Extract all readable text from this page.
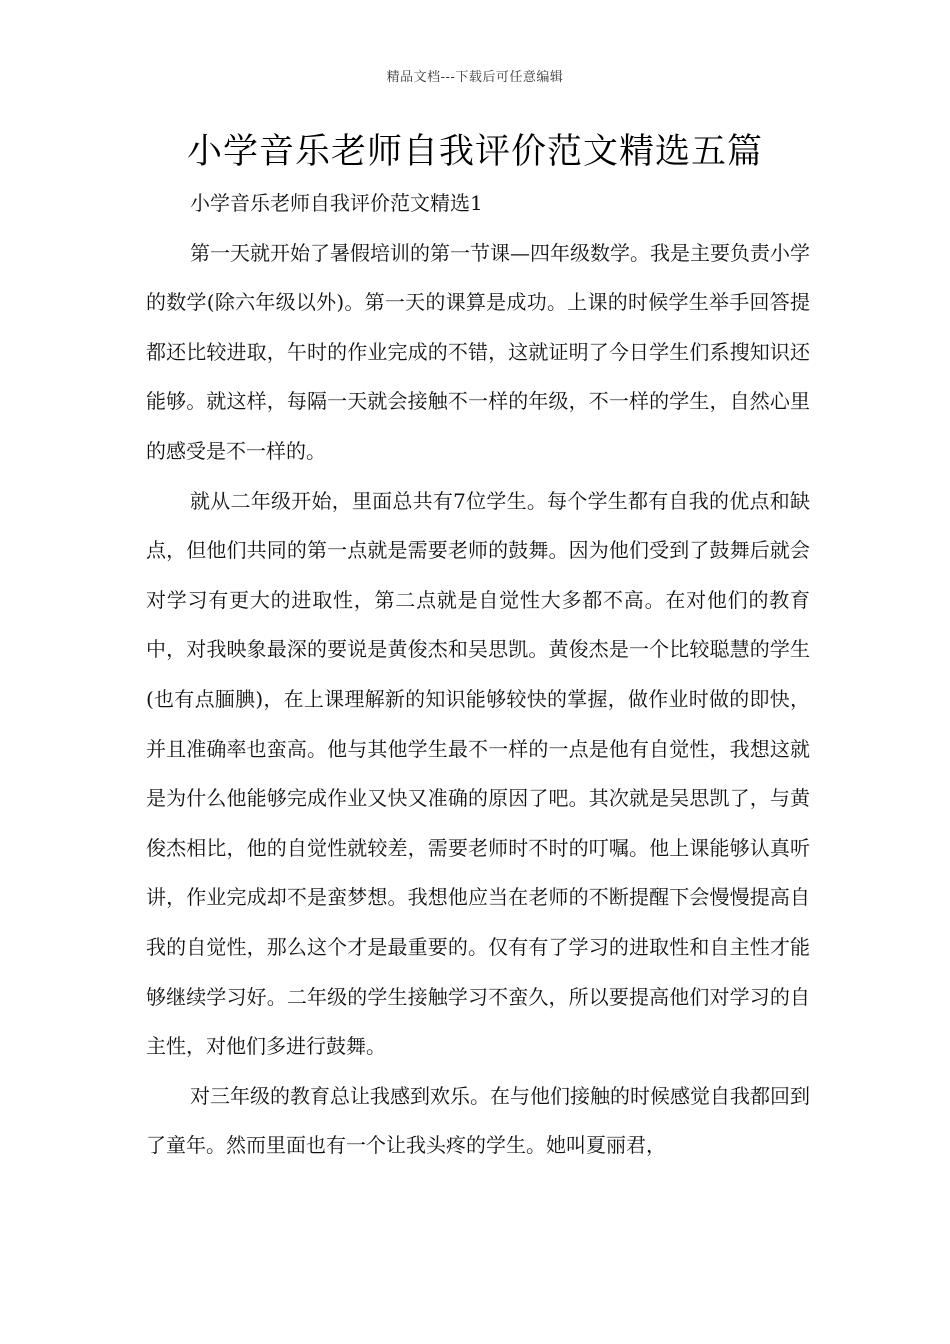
精品文档---下载后可任意编辑
小学音乐老师自我评价范文精选五篇

小学音乐老师自我评价范文精选1

第一天就开始了暑假培训的第一节课—四年级数学。我是主要负责小学的数学(除六年级以外)。第一天的课算是成功。上课的时候学生举手回答提都还比较进取，午时的作业完成的不错，这就证明了今日学生们系搜知识还能够。就这样，每隔一天就会接触不一样的年级，不一样的学生，自然心里的感受是不一样的。

就从二年级开始，里面总共有7位学生。每个学生都有自我的优点和缺点，但他们共同的第一点就是需要老师的鼓舞。因为他们受到了鼓舞后就会对学习有更大的进取性，第二点就是自觉性大多都不高。在对他们的教育中，对我映象最深的要说是黄俊杰和吴思凯。黄俊杰是一个比较聪慧的学生(也有点腼腆)，在上课理解新的知识能够较快的掌握，做作业时做的即快，并且准确率也蛮高。他与其他学生最不一样的一点是他有自觉性，我想这就是为什么他能够完成作业又快又准确的原因了吧。其次就是吴思凯了，与黄俊杰相比，他的自觉性就较差，需要老师时不时的叮嘱。他上课能够认真听讲，作业完成却不是蛮梦想。我想他应当在老师的不断提醒下会慢慢提高自我的自觉性，那么这个才是最重要的。仅有有了学习的进取性和自主性才能够继续学习好。二年级的学生接触学习不蛮久，所以要提高他们对学习的自主性，对他们多进行鼓舞。

对三年级的教育总让我感到欢乐。在与他们接触的时候感觉自我都回到了童年。然而里面也有一个让我头疼的学生。她叫夏丽君，
